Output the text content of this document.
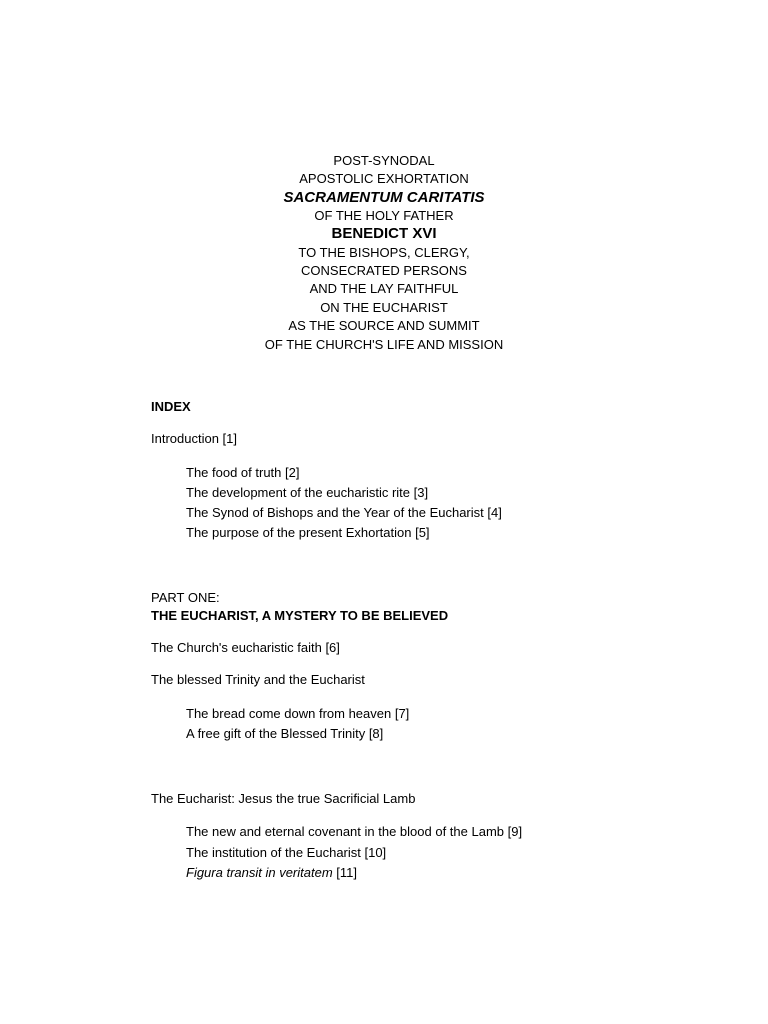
POST-SYNODAL
APOSTOLIC EXHORTATION
SACRAMENTUM CARITATIS
OF THE HOLY FATHER
BENEDICT XVI
TO THE BISHOPS, CLERGY,
CONSECRATED PERSONS
AND THE LAY FAITHFUL
ON THE EUCHARIST
AS THE SOURCE AND SUMMIT
OF THE CHURCH'S LIFE AND MISSION
INDEX
Introduction [1]
The food of truth [2]
The development of the eucharistic rite [3]
The Synod of Bishops and the Year of the Eucharist [4]
The purpose of the present Exhortation [5]
PART ONE:
THE EUCHARIST, A MYSTERY TO BE BELIEVED
The Church's eucharistic faith [6]
The blessed Trinity and the Eucharist
The bread come down from heaven [7]
A free gift of the Blessed Trinity [8]
The Eucharist: Jesus the true Sacrificial Lamb
The new and eternal covenant in the blood of the Lamb [9]
The institution of the Eucharist [10]
Figura transit in veritatem [11]
